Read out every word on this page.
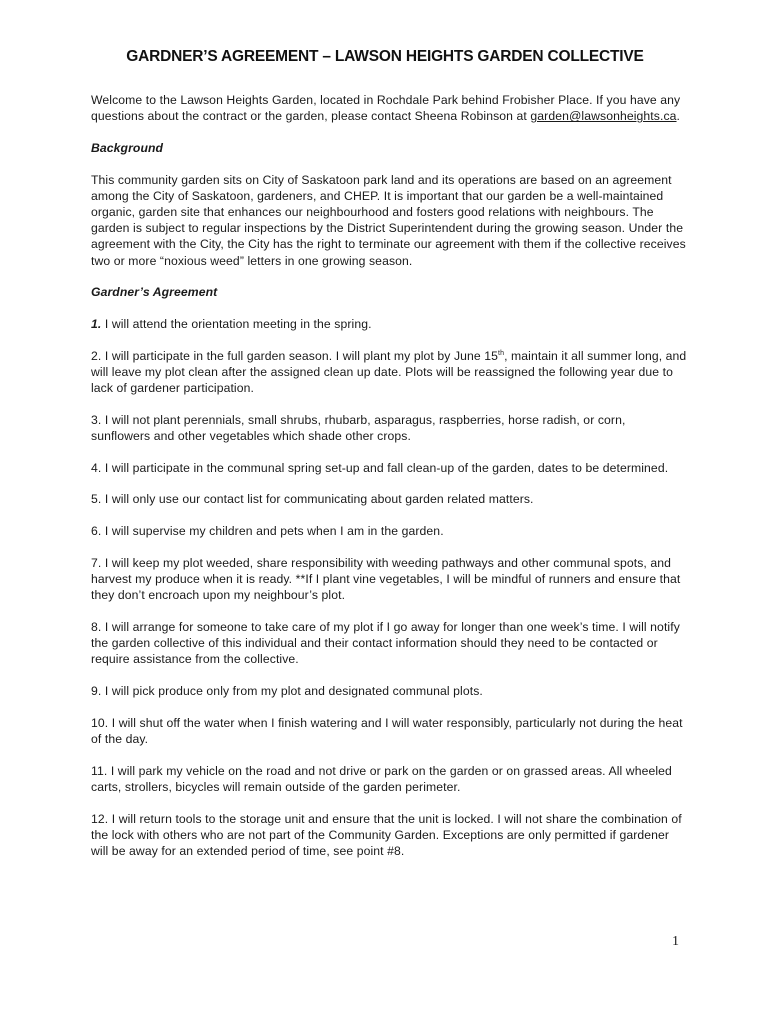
GARDNER’S AGREEMENT – LAWSON HEIGHTS GARDEN COLLECTIVE

Welcome to the Lawson Heights Garden, located in Rochdale Park behind Frobisher Place. If you have any questions about the contract or the garden, please contact Sheena Robinson at garden@lawsonheights.ca.

Background

This community garden sits on City of Saskatoon park land and its operations are based on an agreement among the City of Saskatoon, gardeners, and CHEP. It is important that our garden be a well-maintained organic, garden site that enhances our neighbourhood and fosters good relations with neighbours. The garden is subject to regular inspections by the District Superintendent during the growing season. Under the agreement with the City, the City has the right to terminate our agreement with them if the collective receives two or more “noxious weed” letters in one growing season.

Gardner’s Agreement

1. I will attend the orientation meeting in the spring.

2. I will participate in the full garden season. I will plant my plot by June 15th, maintain it all summer long, and will leave my plot clean after the assigned clean up date. Plots will be reassigned the following year due to lack of gardener participation.

3. I will not plant perennials, small shrubs, rhubarb, asparagus, raspberries, horse radish, or corn, sunflowers and other vegetables which shade other crops.

4. I will participate in the communal spring set-up and fall clean-up of the garden, dates to be determined.

5. I will only use our contact list for communicating about garden related matters.

6. I will supervise my children and pets when I am in the garden.

7. I will keep my plot weeded, share responsibility with weeding pathways and other communal spots, and harvest my produce when it is ready. **If I plant vine vegetables, I will be mindful of runners and ensure that they don’t encroach upon my neighbour’s plot.

8. I will arrange for someone to take care of my plot if I go away for longer than one week’s time. I will notify the garden collective of this individual and their contact information should they need to be contacted or require assistance from the collective.

9. I will pick produce only from my plot and designated communal plots.

10. I will shut off the water when I finish watering and I will water responsibly, particularly not during the heat of the day.

11. I will park my vehicle on the road and not drive or park on the garden or on grassed areas. All wheeled carts, strollers, bicycles will remain outside of the garden perimeter.

12. I will return tools to the storage unit and ensure that the unit is locked. I will not share the combination of the lock with others who are not part of the Community Garden. Exceptions are only permitted if gardener will be away for an extended period of time, see point #8.

1
